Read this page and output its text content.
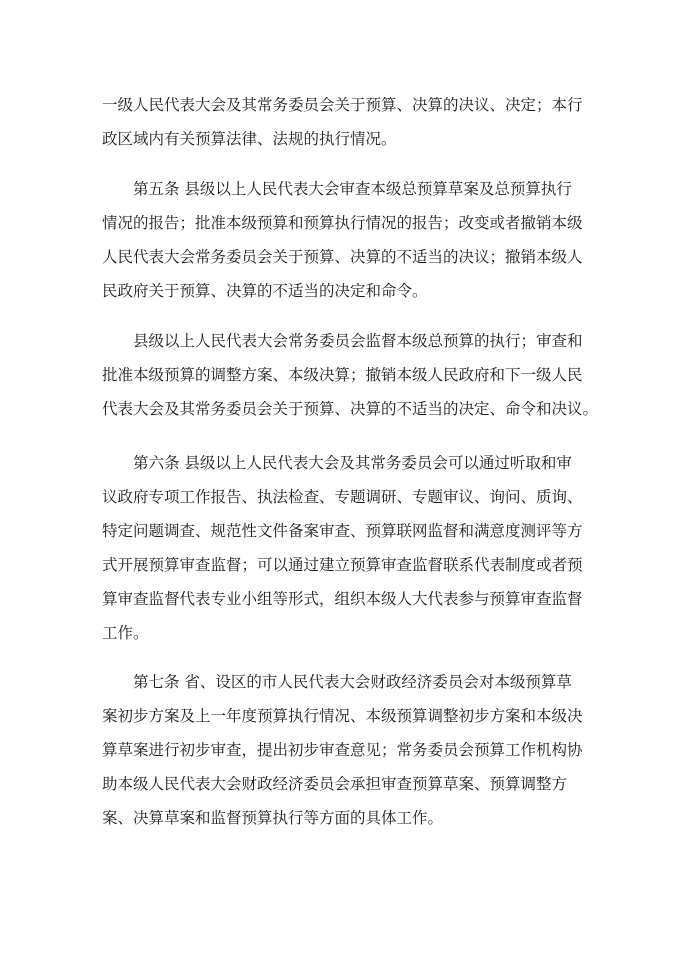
一级人民代表大会及其常务委员会关于预算、决算的决议、决定；本行
政区域内有关预算法律、法规的执行情况。

第五条 县级以上人民代表大会审查本级总预算草案及总预算执行
情况的报告；批准本级预算和预算执行情况的报告；改变或者撤销本级
人民代表大会常务委员会关于预算、决算的不适当的决议；撤销本级人
民政府关于预算、决算的不适当的决定和命令。

县级以上人民代表大会常务委员会监督本级总预算的执行；审查和
批准本级预算的调整方案、本级决算；撤销本级人民政府和下一级人民
代表大会及其常务委员会关于预算、决算的不适当的决定、命令和决议。

第六条 县级以上人民代表大会及其常务委员会可以通过听取和审
议政府专项工作报告、执法检查、专题调研、专题审议、询问、质询、
特定问题调查、规范性文件备案审查、预算联网监督和满意度测评等方
式开展预算审查监督；可以通过建立预算审查监督联系代表制度或者预
算审查监督代表专业小组等形式，组织本级人大代表参与预算审查监督
工作。

第七条 省、设区的市人民代表大会财政经济委员会对本级预算草
案初步方案及上一年度预算执行情况、本级预算调整初步方案和本级决
算草案进行初步审查，提出初步审查意见；常务委员会预算工作机构协
助本级人民代表大会财政经济委员会承担审查预算草案、预算调整方
案、决算草案和监督预算执行等方面的具体工作。
